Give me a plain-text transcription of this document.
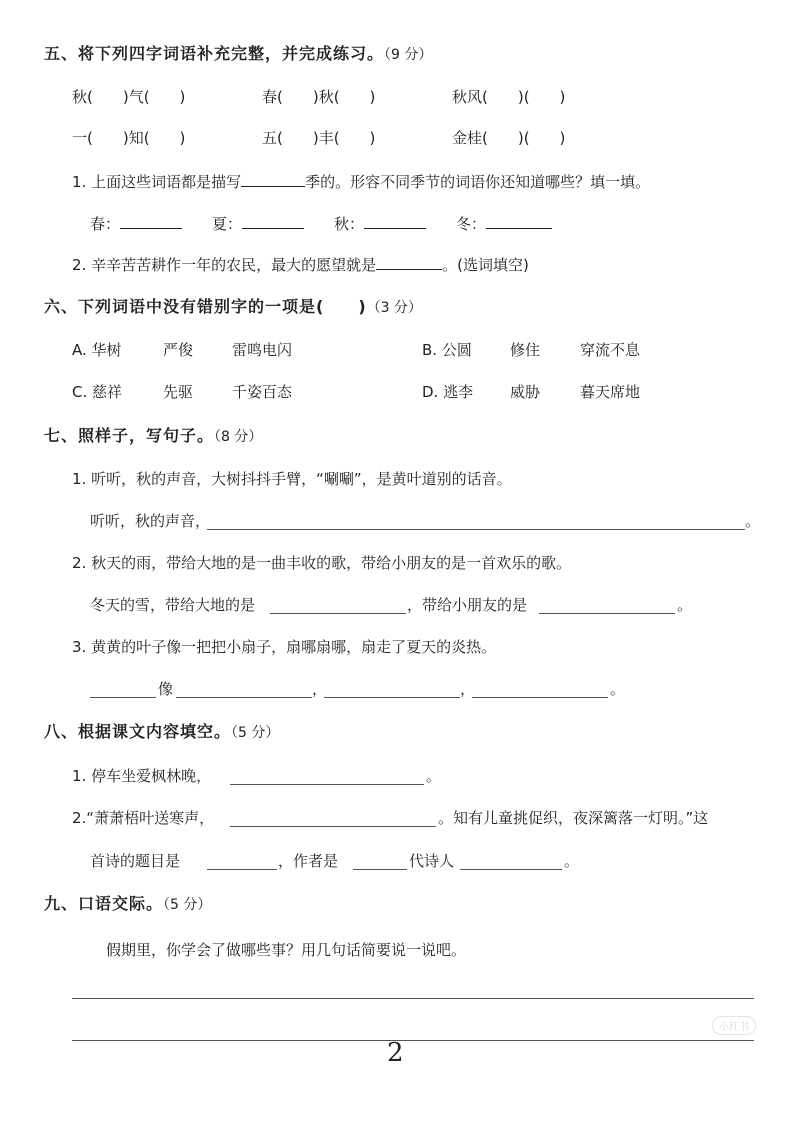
五、将下列四字词语补充完整，并完成练习。（9 分）
秋(　　)气(　　)	春(　　)秋(　　)	秋风(　　)(　　)
一(　　)知(　　)	五(　　)丰(　　)	金桂(　　)(　　)
1. 上面这些词语都是描写	季的。形容不同季节的词语你还知道哪些？填一填。
春：	夏：	秋：	冬：
2. 辛辛苦苦耕作一年的农民，最大的愿望就是	。(选词填空)
六、下列词语中没有错别字的一项是(　　)（3 分）
A. 华树	严俊	雷鸣电闪	B. 公圆	修住	穿流不息
C. 慈祥	先驱	千姿百态	D. 逃李 威胁	暮天席地
七、照样子，写句子。（8 分）
1. 听听，秋的声音，大树抖抖手臂，“唰唰”，是黄叶道别的话音。
听听，秋的声音，	。
2. 秋天的雨，带给大地的是一曲丰收的歌，带给小朋友的是一首欢乐的歌。
冬天的雪，带给大地的是	，带给小朋友的是	。
3. 黄黄的叶子像一把把小扇子，扇哪扇哪，扇走了夏天的炎热。
像	，	，	。
八、根据课文内容填空。（5 分）
1. 停车坐爱枫林晚，	。
2.“萧萧梧叶送寒声，	。知有儿童挑促织，夜深篱落一灯明。”这
首诗的题目是	，作者是	代诗人	。
九、口语交际。（5 分）
假期里，你学会了做哪些事？用几句话简要说一说吧。
2
小红书
